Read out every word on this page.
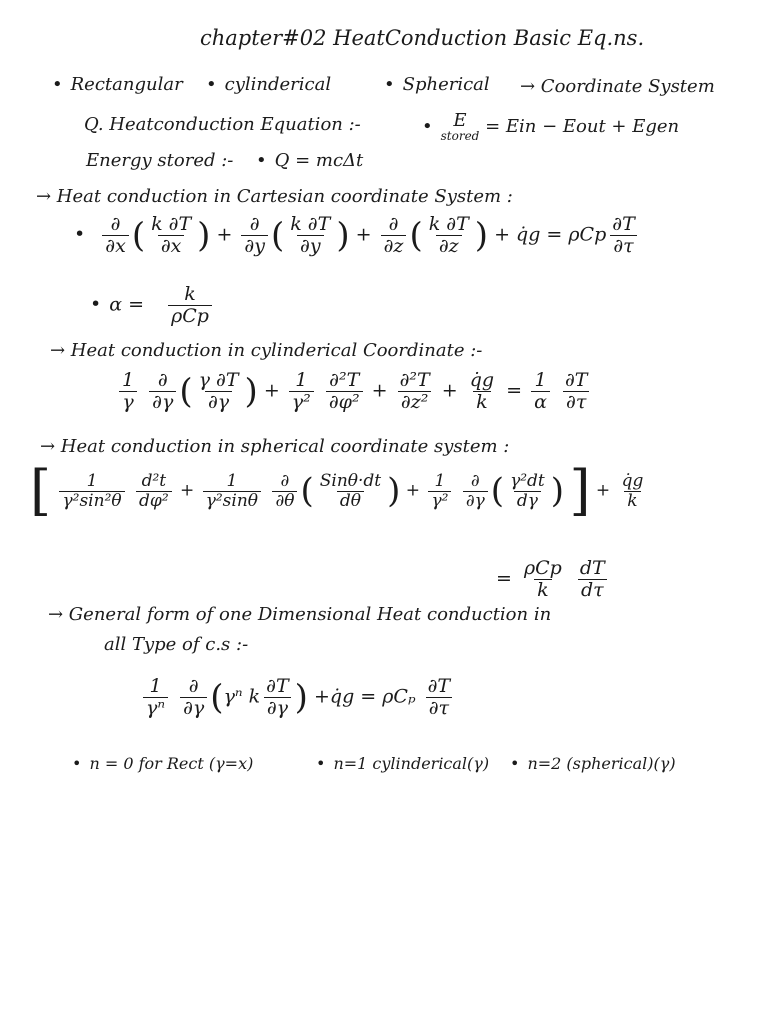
chapter#02 HeatConduction Basic Eq.ns.
• Rectangular •	cylinderical •	Spherical → Coordinate System
Q. Heatconduction Equation :- •	E
stored = Ein − Eout + Egen
Energy stored :- •	Q = mcΔt
→ Heat conduction in Cartesian coordinate System :
•
$\frac{\partial}{\partial x}$ ( $\frac{k \partial T}{\partial x}$ ) + $\frac{\partial}{\partial y}$ ( $\frac{k \partial T}{\partial y}$ ) + $\frac{\partial}{\partial z}$ ( $\frac{k \partial T}{\partial z}$ ) + q̇g = ρCp $\frac{\partial T}{\partial\tau}$
• $\alpha = \frac{k}{\text{ρCp}}$
→ Heat conduction in cylinderical Coordinate :-
$\frac{1}{\gamma}$
$\frac{\partial}{\partial\gamma}$ ( $\frac{\gamma \partial T}{\partial\gamma}$ ) + $\frac{1}{\text{γ²}}$
$\frac{\text{∂²T}}{\text{∂φ²}} + \frac{\text{∂²T}}{\text{∂z²}} + \frac{q̇g}{k} = \frac{1}{\alpha}$
$\frac{\partial T}{\partial\tau}$
→ Heat conduction in spherical coordinate system :
[ $\frac{1}{\text{γ²sin²θ}}$
$\frac{\text{d²t}}{\text{dφ²}} + \frac{1}{\text{γ²sinθ}}$
$\frac{\partial}{\partial\theta}$ ( $\frac{\text{Sinθ·dt}}{d\theta}$ ) + $\frac{1}{\text{γ²}}$
$\frac{\partial}{\partial\gamma}$ ( $\frac{\text{γ²dt}}{d\gamma}$ ) ] + $\frac{q̇g}{k}$
= $\frac{\text{ρCp}}{k}$
$\frac{dT}{d\tau}$
→ General form of one Dimensional Heat conduction in
all Type of c.s :-
$\frac{1}{\text{γⁿ}}$
$\frac{\partial}{\partial\gamma} (\gamma^n$ k $\frac{\partial T}{\partial\gamma}$ ) +q̇g = ρCₚ $\frac{\partial T}{\partial\tau}$
• n = 0 for Rect (γ=x) •	n=1 cylinderical(γ) •	n=2 (spherical)(γ)
